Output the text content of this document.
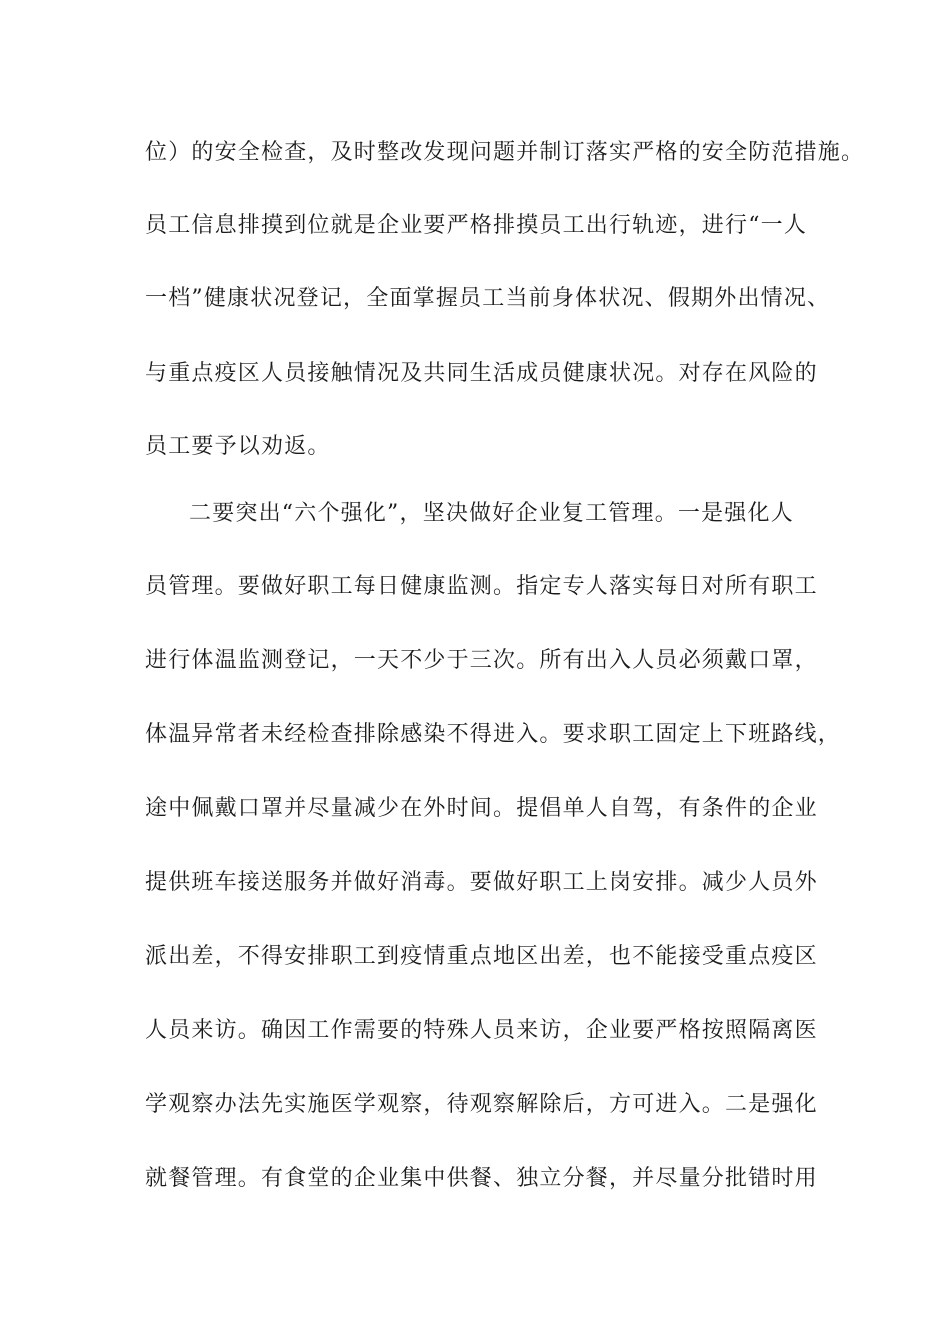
位）的安全检查，及时整改发现问题并制订落实严格的安全防范措施。
员工信息排摸到位就是企业要严格排摸员工出行轨迹，进行“一人
一档”健康状况登记，全面掌握员工当前身体状况、假期外出情况、
与重点疫区人员接触情况及共同生活成员健康状况。对存在风险的
员工要予以劝返。
二要突出“六个强化”，坚决做好企业复工管理。一是强化人
员管理。要做好职工每日健康监测。指定专人落实每日对所有职工
进行体温监测登记，一天不少于三次。所有出入人员必须戴口罩，
体温异常者未经检查排除感染不得进入。要求职工固定上下班路线，
途中佩戴口罩并尽量减少在外时间。提倡单人自驾，有条件的企业
提供班车接送服务并做好消毒。要做好职工上岗安排。减少人员外
派出差，不得安排职工到疫情重点地区出差，也不能接受重点疫区
人员来访。确因工作需要的特殊人员来访，企业要严格按照隔离医
学观察办法先实施医学观察，待观察解除后，方可进入。二是强化
就餐管理。有食堂的企业集中供餐、独立分餐，并尽量分批错时用
